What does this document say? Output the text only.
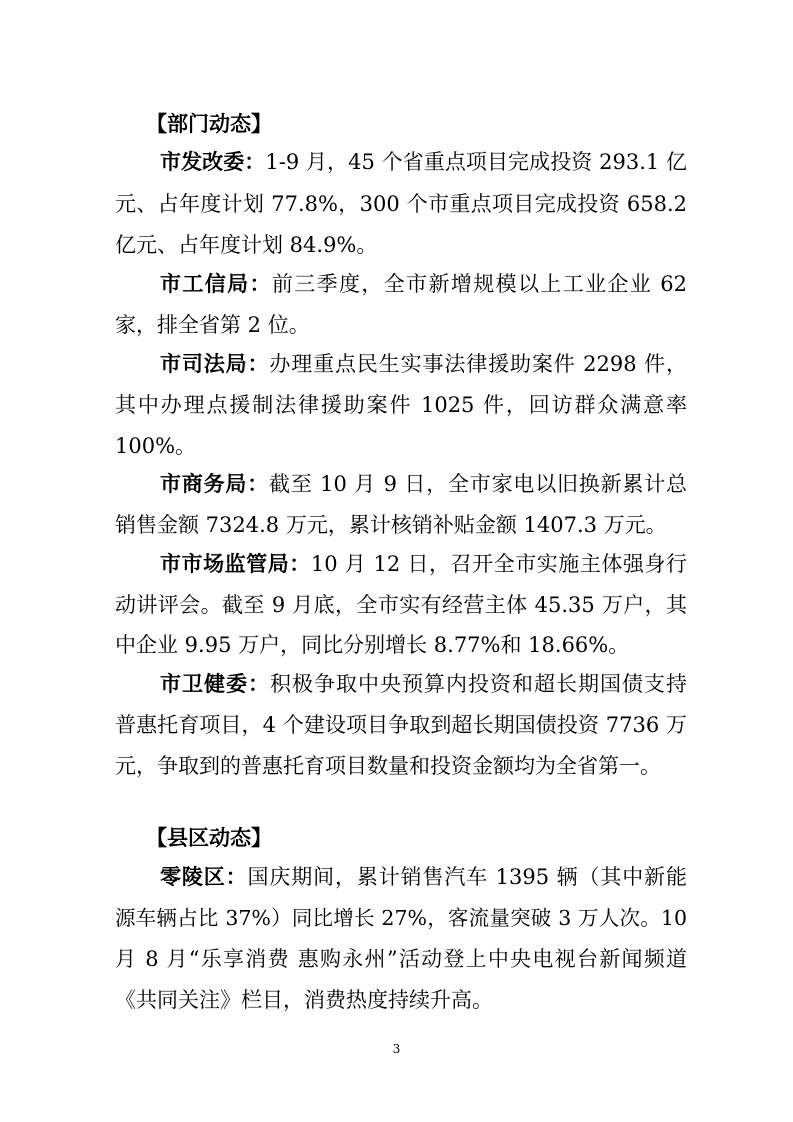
【部门动态】
市发改委：1-9 月，45 个省重点项目完成投资 293.1 亿
元、占年度计划 77.8%，300 个市重点项目完成投资 658.2
亿元、占年度计划 84.9%。
市工信局：前三季度，全市新增规模以上工业企业 62
家，排全省第 2 位。
市司法局：办理重点民生实事法律援助案件 2298 件，
其中办理点援制法律援助案件 1025 件，回访群众满意率
100%。
市商务局：截至 10 月 9 日，全市家电以旧换新累计总
销售金额 7324.8 万元，累计核销补贴金额 1407.3 万元。
市市场监管局：10 月 12 日，召开全市实施主体强身行
动讲评会。截至 9 月底，全市实有经营主体 45.35 万户，其
中企业 9.95 万户，同比分别增长 8.77%和 18.66%。
市卫健委：积极争取中央预算内投资和超长期国债支持
普惠托育项目，4 个建设项目争取到超长期国债投资 7736 万
元，争取到的普惠托育项目数量和投资金额均为全省第一。
【县区动态】
零陵区：国庆期间，累计销售汽车 1395 辆（其中新能
源车辆占比 37%）同比增长 27%，客流量突破 3 万人次。10
月 8 月“乐享消费 惠购永州”活动登上中央电视台新闻频道
《共同关注》栏目，消费热度持续升高。
3
